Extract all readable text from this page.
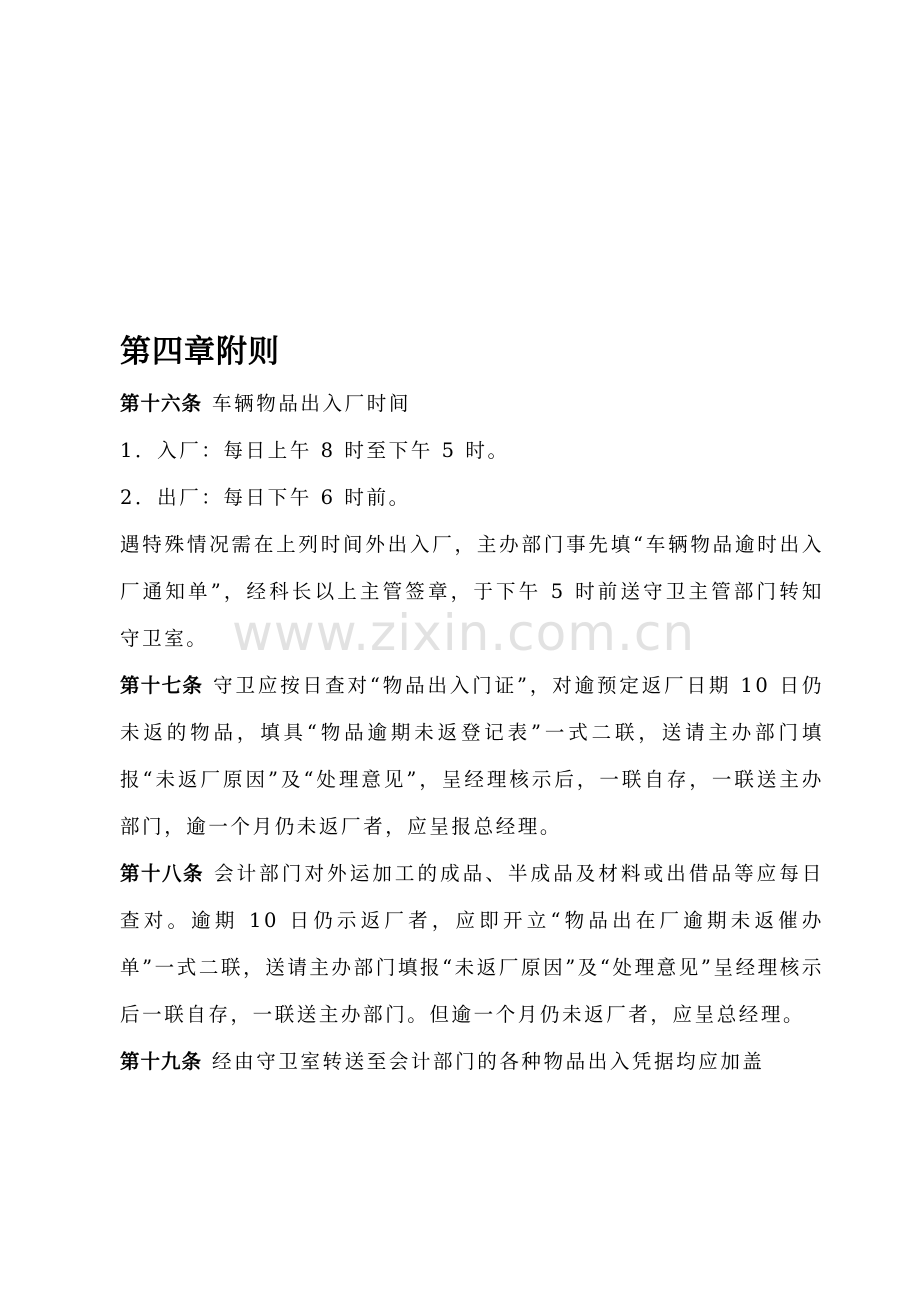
第四章附则

第十六条 车辆物品出入厂时间

1．入厂：每日上午 8 时至下午 5 时。

2．出厂：每日下午 6 时前。

遇特殊情况需在上列时间外出入厂，主办部门事先填“车辆物品逾时出入厂通知单”，经科长以上主管签章，于下午 5 时前送守卫主管部门转知守卫室。

第十七条 守卫应按日查对“物品出入门证”，对逾预定返厂日期 10 日仍未返的物品，填具“物品逾期未返登记表”一式二联，送请主办部门填报“未返厂原因”及“处理意见”，呈经理核示后，一联自存，一联送主办部门，逾一个月仍未返厂者，应呈报总经理。

第十八条 会计部门对外运加工的成品、半成品及材料或出借品等应每日查对。逾期 10 日仍示返厂者，应即开立“物品出在厂逾期未返催办单”一式二联，送请主办部门填报“未返厂原因”及“处理意见”呈经理核示后一联自存，一联送主办部门。但逾一个月仍未返厂者，应呈总经理。

第十九条 经由守卫室转送至会计部门的各种物品出入凭据均应加盖

www.zixin.com.cn
